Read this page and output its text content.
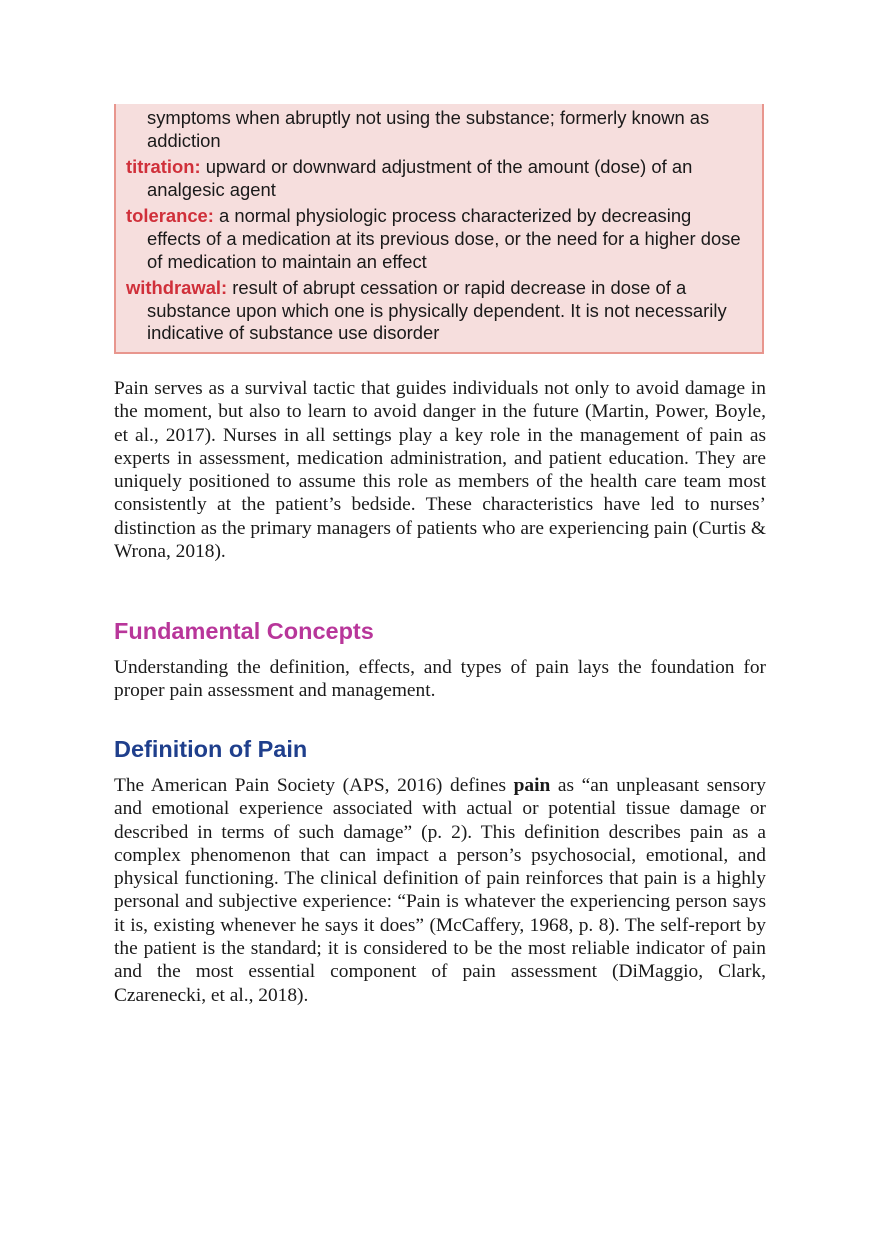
symptoms when abruptly not using the substance; formerly known as addiction

titration: upward or downward adjustment of the amount (dose) of an analgesic agent

tolerance: a normal physiologic process characterized by decreasing effects of a medication at its previous dose, or the need for a higher dose of medication to maintain an effect

withdrawal: result of abrupt cessation or rapid decrease in dose of a substance upon which one is physically dependent. It is not necessarily indicative of substance use disorder

Pain serves as a survival tactic that guides individuals not only to avoid damage in the moment, but also to learn to avoid danger in the future (Martin, Power, Boyle, et al., 2017). Nurses in all settings play a key role in the management of pain as experts in assessment, medication administration, and patient education. They are uniquely positioned to assume this role as members of the health care team most consistently at the patient’s bedside. These characteristics have led to nurses’ distinction as the primary managers of patients who are experiencing pain (Curtis & Wrona, 2018).

Fundamental Concepts

Understanding the definition, effects, and types of pain lays the foundation for proper pain assessment and management.

Definition of Pain

The American Pain Society (APS, 2016) defines pain as “an unpleasant sensory and emotional experience associated with actual or potential tissue damage or described in terms of such damage” (p. 2). This definition describes pain as a complex phenomenon that can impact a person’s psychosocial, emotional, and physical functioning. The clinical definition of pain reinforces that pain is a highly personal and subjective experience: “Pain is whatever the experiencing person says it is, existing whenever he says it does” (McCaffery, 1968, p. 8). The self-report by the patient is the standard; it is considered to be the most reliable indicator of pain and the most essential component of pain assessment (DiMaggio, Clark, Czarenecki, et al., 2018).
